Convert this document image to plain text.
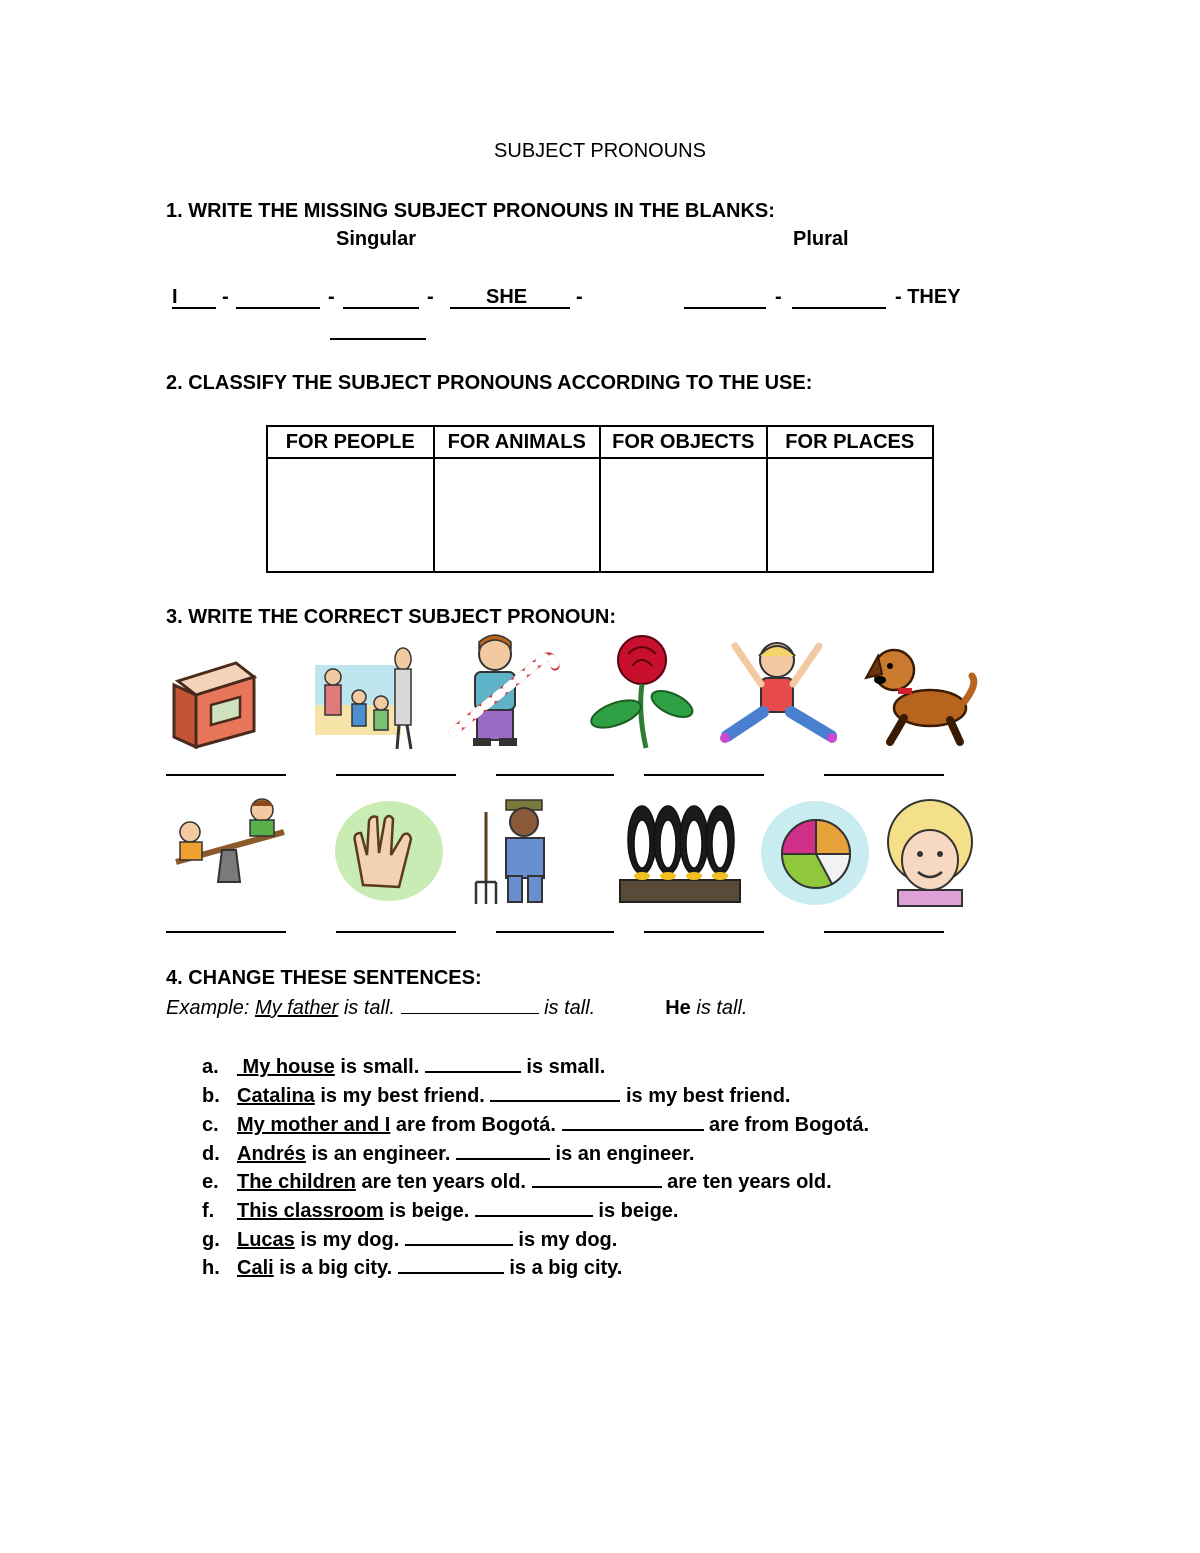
SUBJECT PRONOUNS
1. WRITE THE MISSING SUBJECT PRONOUNS IN THE BLANKS:
Singular	Plural
I -	-	-	SHE -	-	- THEY
2. CLASSIFY THE SUBJECT PRONOUNS ACCORDING TO THE USE:
FOR PEOPLE	FOR ANIMALS	FOR OBJECTS	FOR PLACES

3. WRITE THE CORRECT SUBJECT PRONOUN:
4. CHANGE THESE SENTENCES:
Example: My father is tall.	is tall.	He is tall.
a. My house is small.	is small.
b. Catalina is my best friend.	is my best friend.
c. My mother and I are from Bogotá.	are from Bogotá.
d. Andrés is an engineer.	is an engineer.
e. The children are ten years old.	are ten years old.
f. This classroom is beige.	is beige.
g. Lucas is my dog.	is my dog.
h. Cali is a big city.	is a big city.
